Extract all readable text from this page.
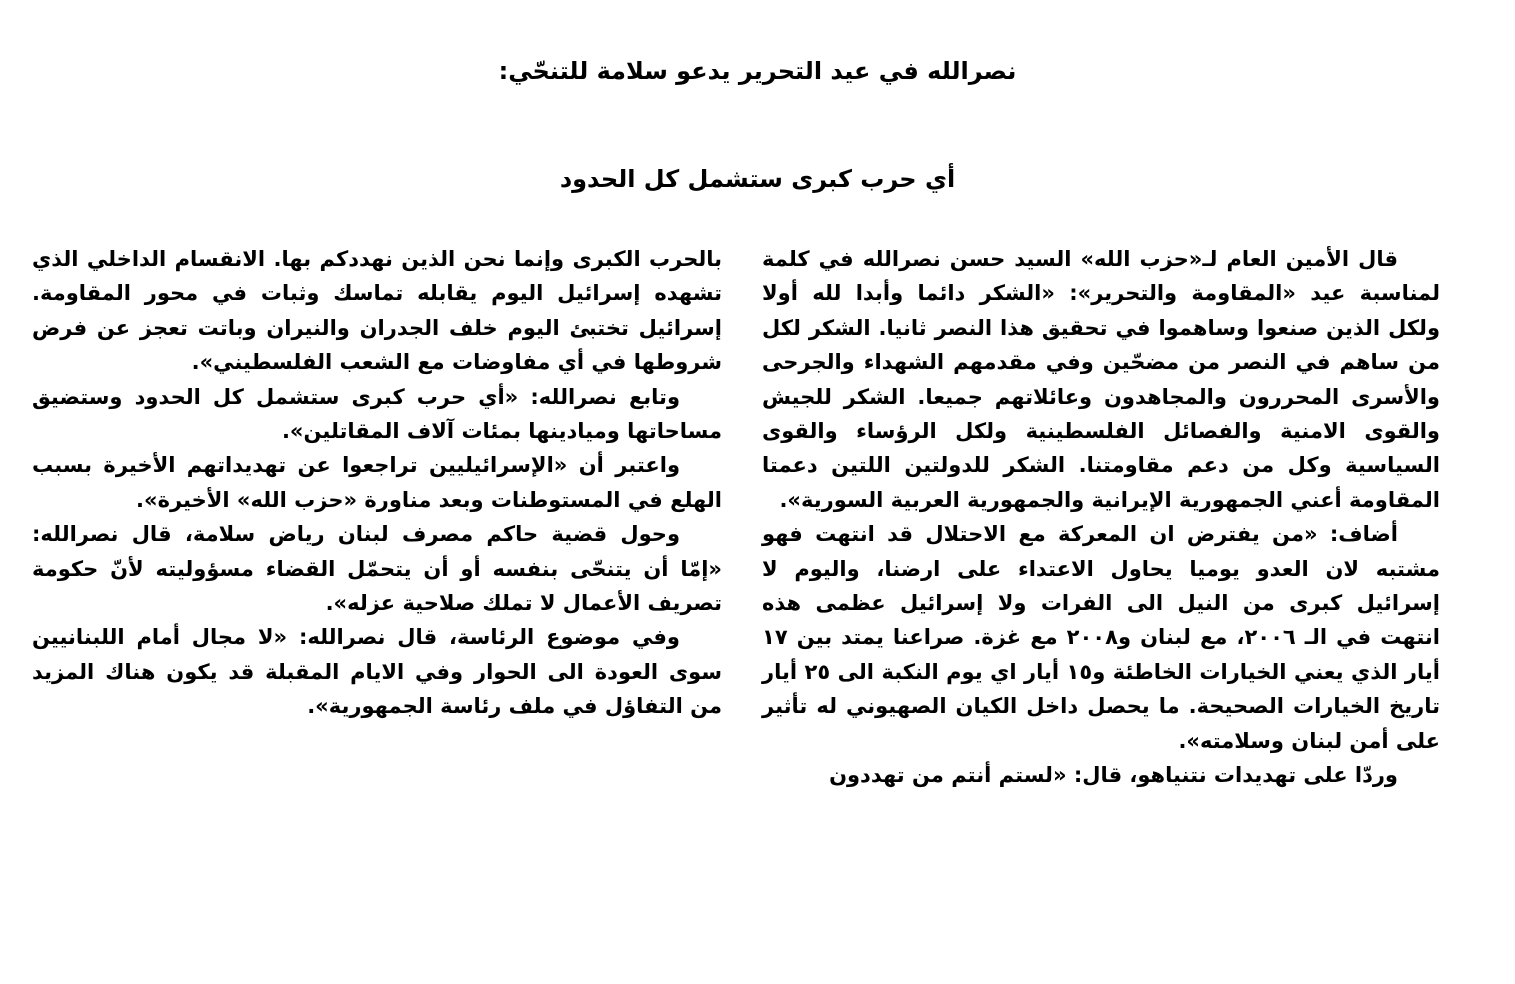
نصرالله في عيد التحرير يدعو سلامة للتنحّي:
أي حرب كبرى ستشمل كل الحدود

قال الأمين العام لـ«حزب الله» السيد حسن نصرالله في كلمة لمناسبة عيد «المقاومة والتحرير»: «الشكر دائما وأبدا لله أولا ولكل الذين صنعوا وساهموا في تحقيق هذا النصر ثانيا. الشكر لكل من ساهم في النصر من مضحّين وفي مقدمهم الشهداء والجرحى والأسرى المحررون والمجاهدون وعائلاتهم جميعا. الشكر للجيش والقوى الامنية والفصائل الفلسطينية ولكل الرؤساء والقوى السياسية وكل من دعم مقاومتنا. الشكر للدولتين اللتين دعمتا المقاومة أعني الجمهورية الإيرانية والجمهورية العربية السورية».

أضاف: «من يفترض ان المعركة مع الاحتلال قد انتهت فهو مشتبه لان العدو يوميا يحاول الاعتداء على ارضنا، واليوم لا إسرائيل كبرى من النيل الى الفرات ولا إسرائيل عظمى هذه انتهت في الـ ٢٠٠٦، مع لبنان و٢٠٠٨ مع غزة. صراعنا يمتد بين ١٧ أيار الذي يعني الخيارات الخاطئة و١٥ أيار اي يوم النكبة الى ٢٥ أيار تاريخ الخيارات الصحيحة. ما يحصل داخل الكيان الصهيوني له تأثير على أمن لبنان وسلامته».

وردّا على تهديدات نتنياهو، قال: «لستم أنتم من تهددون

بالحرب الكبرى وإنما نحن الذين نهددكم بها. الانقسام الداخلي الذي تشهده إسرائيل اليوم يقابله تماسك وثبات في محور المقاومة. إسرائيل تختبئ اليوم خلف الجدران والنيران وباتت تعجز عن فرض شروطها في أي مفاوضات مع الشعب الفلسطيني».

وتابع نصرالله: «أي حرب كبرى ستشمل كل الحدود وستضيق مساحاتها وميادينها بمئات آلاف المقاتلين».

واعتبر أن «الإسرائيليين تراجعوا عن تهديداتهم الأخيرة بسبب الهلع في المستوطنات وبعد مناورة «حزب الله» الأخيرة».

وحول قضية حاكم مصرف لبنان رياض سلامة، قال نصرالله: «إمّا أن يتنحّى بنفسه أو أن يتحمّل القضاء مسؤوليته لأنّ حكومة تصريف الأعمال لا تملك صلاحية عزله».

وفي موضوع الرئاسة، قال نصرالله: «لا مجال أمام اللبنانيين سوى العودة الى الحوار وفي الايام المقبلة قد يكون هناك المزيد من التفاؤل في ملف رئاسة الجمهورية».
